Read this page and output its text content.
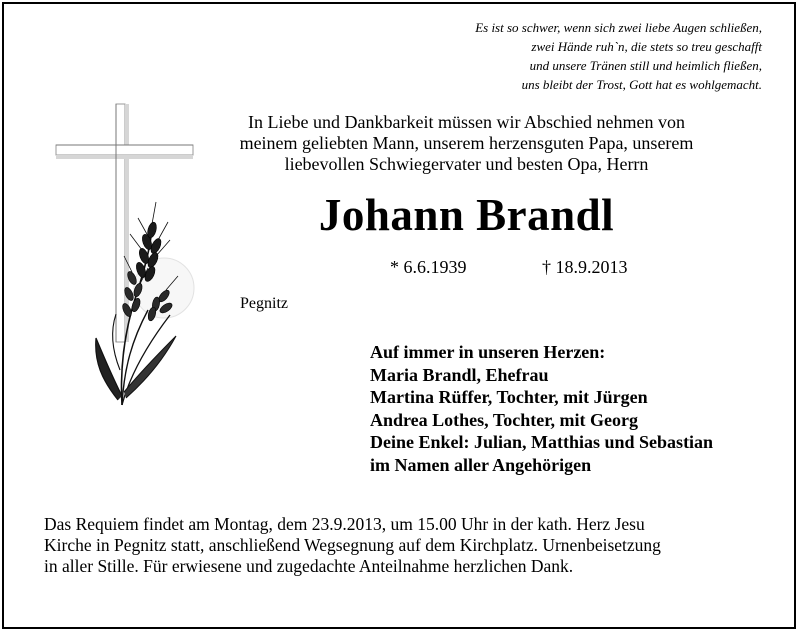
Es ist so schwer, wenn sich zwei liebe Augen schließen,
zwei Hände ruh`n, die stets so treu geschafft
und unsere Tränen still und heimlich fließen,
uns bleibt der Trost, Gott hat es wohlgemacht.
In Liebe und Dankbarkeit müssen wir Abschied nehmen von
meinem geliebten Mann, unserem herzensguten Papa, unserem
liebevollen Schwiegervater und besten Opa, Herrn
Johann Brandl
* 6.6.1939	† 18.9.2013
Pegnitz
Auf immer in unseren Herzen:
Maria Brandl, Ehefrau
Martina Rüffer, Tochter, mit Jürgen
Andrea Lothes, Tochter, mit Georg
Deine Enkel: Julian, Matthias und Sebastian
im Namen aller Angehörigen
Das Requiem findet am Montag, dem 23.9.2013, um 15.00 Uhr in der kath. Herz Jesu
Kirche in Pegnitz statt, anschließend Wegsegnung auf dem Kirchplatz. Urnenbeisetzung
in aller Stille. Für erwiesene und zugedachte Anteilnahme herzlichen Dank.
